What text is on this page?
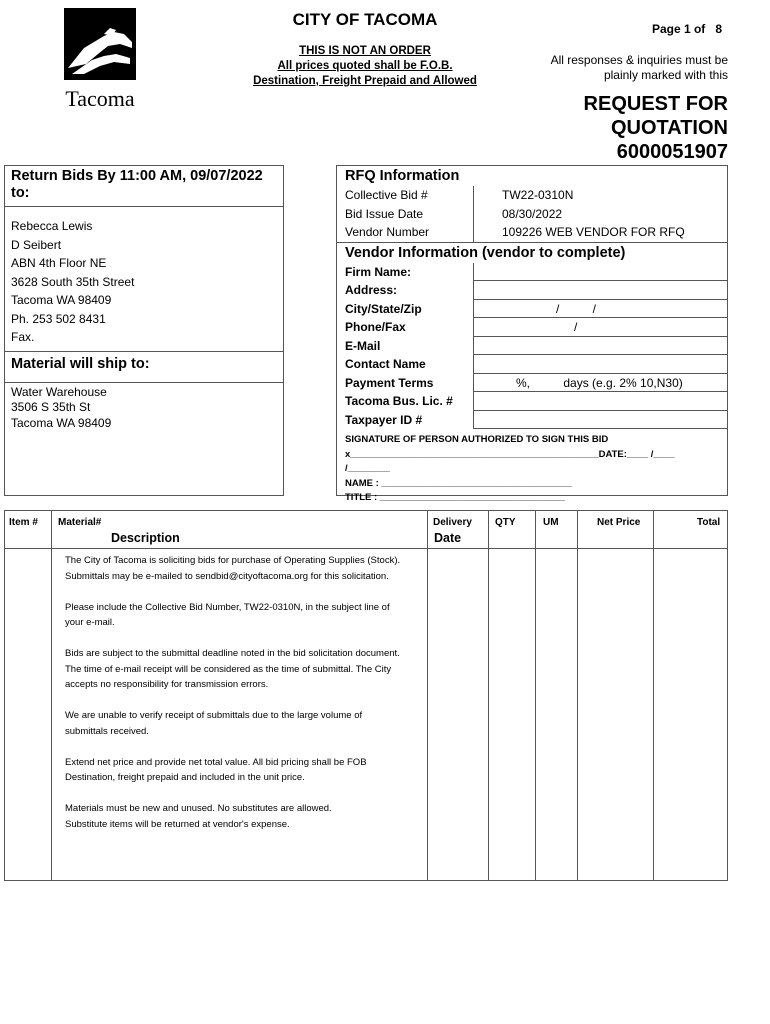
Tacoma
CITY OF TACOMA
THIS IS NOT AN ORDER
All prices quoted shall be F.O.B.
Destination, Freight Prepaid and Allowed
Page 1 of 8
All responses & inquiries must be
plainly marked with this
REQUEST FOR
QUOTATION
6000051907
Return Bids By 11:00 AM, 09/07/2022
to:
Rebecca Lewis
D Seibert
ABN 4th Floor NE
3628 South 35th Street
Tacoma WA 98409
Ph. 253 502 8431
Fax.
Material will ship to:
Water Warehouse
3506 S 35th St
Tacoma WA 98409
RFQ Information
Collective Bid #	TW22-0310N
Bid Issue Date	08/30/2022
Vendor Number	109226 WEB VENDOR FOR RFQ
Vendor Information (vendor to complete)
Firm Name:
Address:
City/State/Zip	/          /
Phone/Fax	/
E-Mail
Contact Name
Payment Terms	%,          days (e.g. 2% 10,N30)
Tacoma Bus. Lic. #
Taxpayer ID #
SIGNATURE OF PERSON AUTHORIZED TO SIGN THIS BID
x_______________________________________________DATE:____ /____ /________
NAME : ____________________________________
TITLE : ___________________________________
Item # Material#
Description
Delivery
Date
QTY	UM	Net Price	Total

The City of Tacoma is soliciting bids for purchase of Operating Supplies (Stock).
Submittals may be e-mailed to sendbid@cityoftacoma.org for this solicitation.

Please include the Collective Bid Number, TW22-0310N, in the subject line of your e-mail.

Bids are subject to the submittal deadline noted in the bid solicitation document. The time of e-mail receipt will be considered as the time of submittal. The City accepts no responsibility for transmission errors.

We are unable to verify receipt of submittals due to the large volume of submittals received.

Extend net price and provide net total value. All bid pricing shall be FOB Destination, freight prepaid and included in the unit price.

Materials must be new and unused. No substitutes are allowed.
Substitute items will be returned at vendor's expense.
